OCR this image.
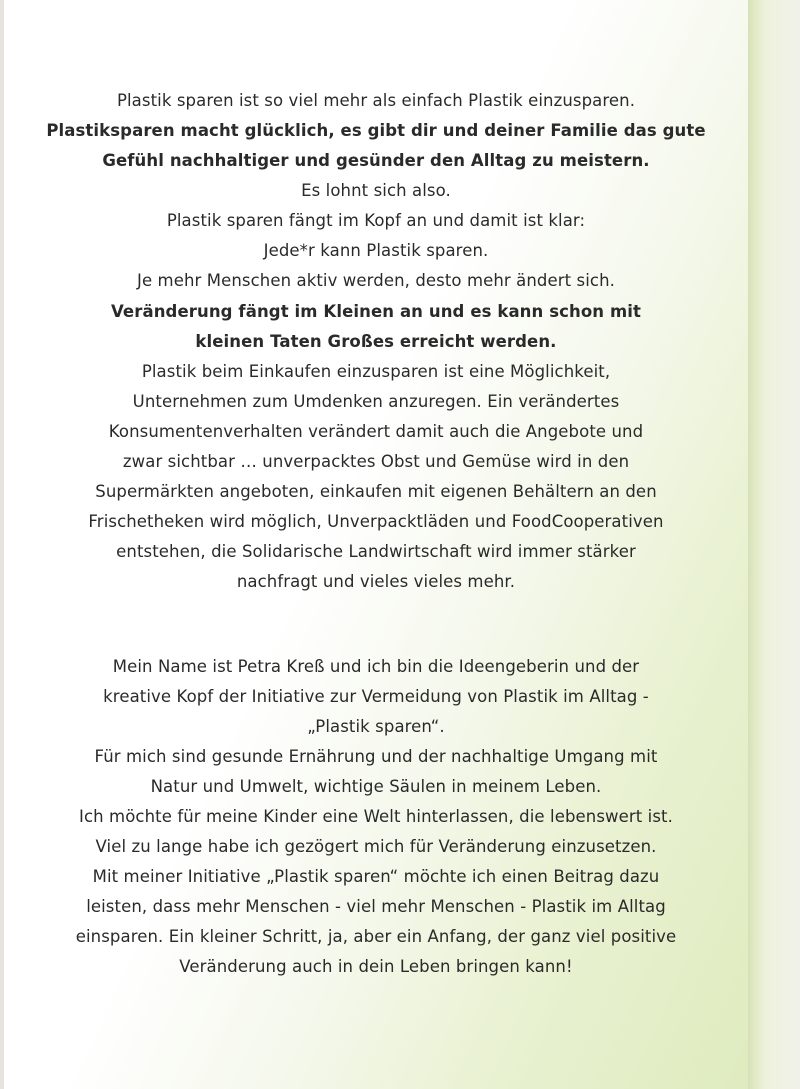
Plastik sparen ist so viel mehr als einfach Plastik einzusparen.
Plastiksparen macht glücklich, es gibt dir und deiner Familie das gute
Gefühl nachhaltiger und gesünder den Alltag zu meistern.
Es lohnt sich also.
Plastik sparen fängt im Kopf an und damit ist klar:
Jede*r kann Plastik sparen.
Je mehr Menschen aktiv werden, desto mehr ändert sich.
Veränderung fängt im Kleinen an und es kann schon mit
kleinen Taten Großes erreicht werden.
Plastik beim Einkaufen einzusparen ist eine Möglichkeit,
Unternehmen zum Umdenken anzuregen. Ein verändertes
Konsumentenverhalten verändert damit auch die Angebote und
zwar sichtbar … unverpacktes Obst und Gemüse wird in den
Supermärkten angeboten, einkaufen mit eigenen Behältern an den
Frischetheken wird möglich, Unverpacktläden und FoodCooperativen
entstehen, die Solidarische Landwirtschaft wird immer stärker
nachfragt und vieles vieles mehr.
Mein Name ist Petra Kreß und ich bin die Ideengeberin und der
kreative Kopf der Initiative zur Vermeidung von Plastik im Alltag -
„Plastik sparen“.
Für mich sind gesunde Ernährung und der nachhaltige Umgang mit
Natur und Umwelt, wichtige Säulen in meinem Leben.
Ich möchte für meine Kinder eine Welt hinterlassen, die lebenswert ist.
Viel zu lange habe ich gezögert mich für Veränderung einzusetzen.
Mit meiner Initiative „Plastik sparen“ möchte ich einen Beitrag dazu
leisten, dass mehr Menschen - viel mehr Menschen - Plastik im Alltag
einsparen. Ein kleiner Schritt, ja, aber ein Anfang, der ganz viel positive
Veränderung auch in dein Leben bringen kann!
